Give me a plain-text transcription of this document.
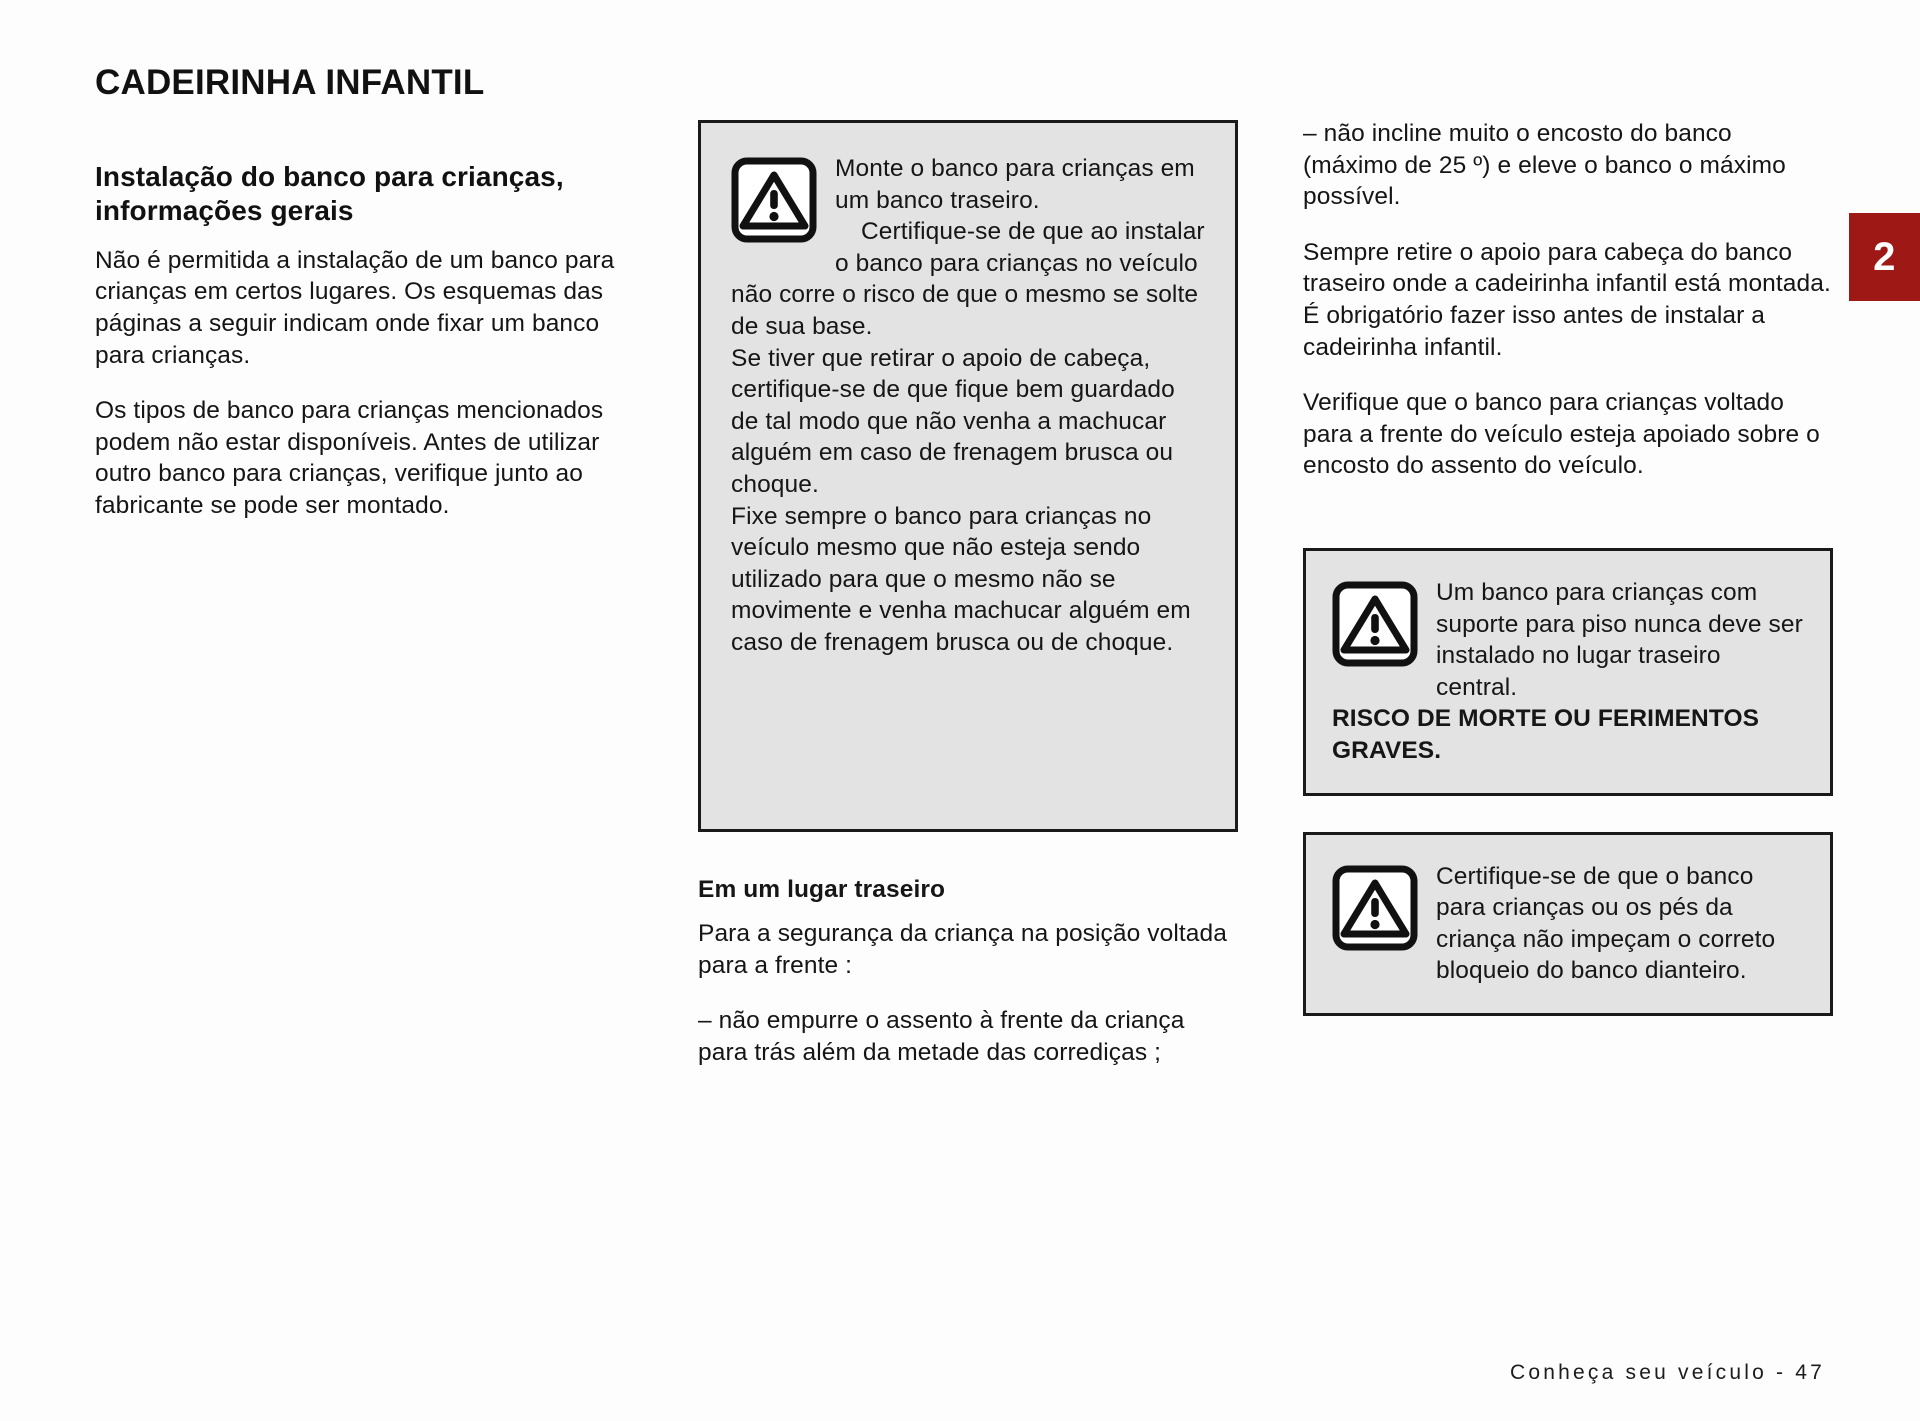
CADEIRINHA INFANTIL
Instalação do banco para crianças, informações gerais

Não é permitida a instalação de um banco para crianças em certos lugares. Os esquemas das páginas a seguir indicam onde fixar um banco para crianças.

Os tipos de banco para crianças mencionados podem não estar disponíveis. Antes de utilizar outro banco para crianças, verifique junto ao fabricante se pode ser montado.

Monte o banco para crianças em um banco traseiro.
Certifique-se de que ao instalar o banco para crianças no veículo não corre o risco de que o mesmo se solte de sua base.
Se tiver que retirar o apoio de cabeça, certifique-se de que fique bem guardado de tal modo que não venha a machucar alguém em caso de frenagem brusca ou choque.
Fixe sempre o banco para crianças no veículo mesmo que não esteja sendo utilizado para que o mesmo não se movimente e venha machucar alguém em caso de frenagem brusca ou de choque.
Em um lugar traseiro

Para a segurança da criança na posição voltada para a frente :

– não empurre o assento à frente da criança para trás além da metade das corrediças ;

– não incline muito o encosto do banco (máximo de 25 º) e eleve o banco o máximo possível.

Sempre retire o apoio para cabeça do banco traseiro onde a cadeirinha infantil está montada. É obrigatório fazer isso antes de instalar a cadeirinha infantil.

Verifique que o banco para crianças voltado para a frente do veículo esteja apoiado sobre o encosto do assento do veículo.

Um banco para crianças com suporte para piso nunca deve ser instalado no lugar traseiro central.
RISCO DE MORTE OU FERIMENTOS GRAVES.
Certifique-se de que o banco para crianças ou os pés da criança não impeçam o correto bloqueio do banco dianteiro.
2
Conheça seu veículo - 47
